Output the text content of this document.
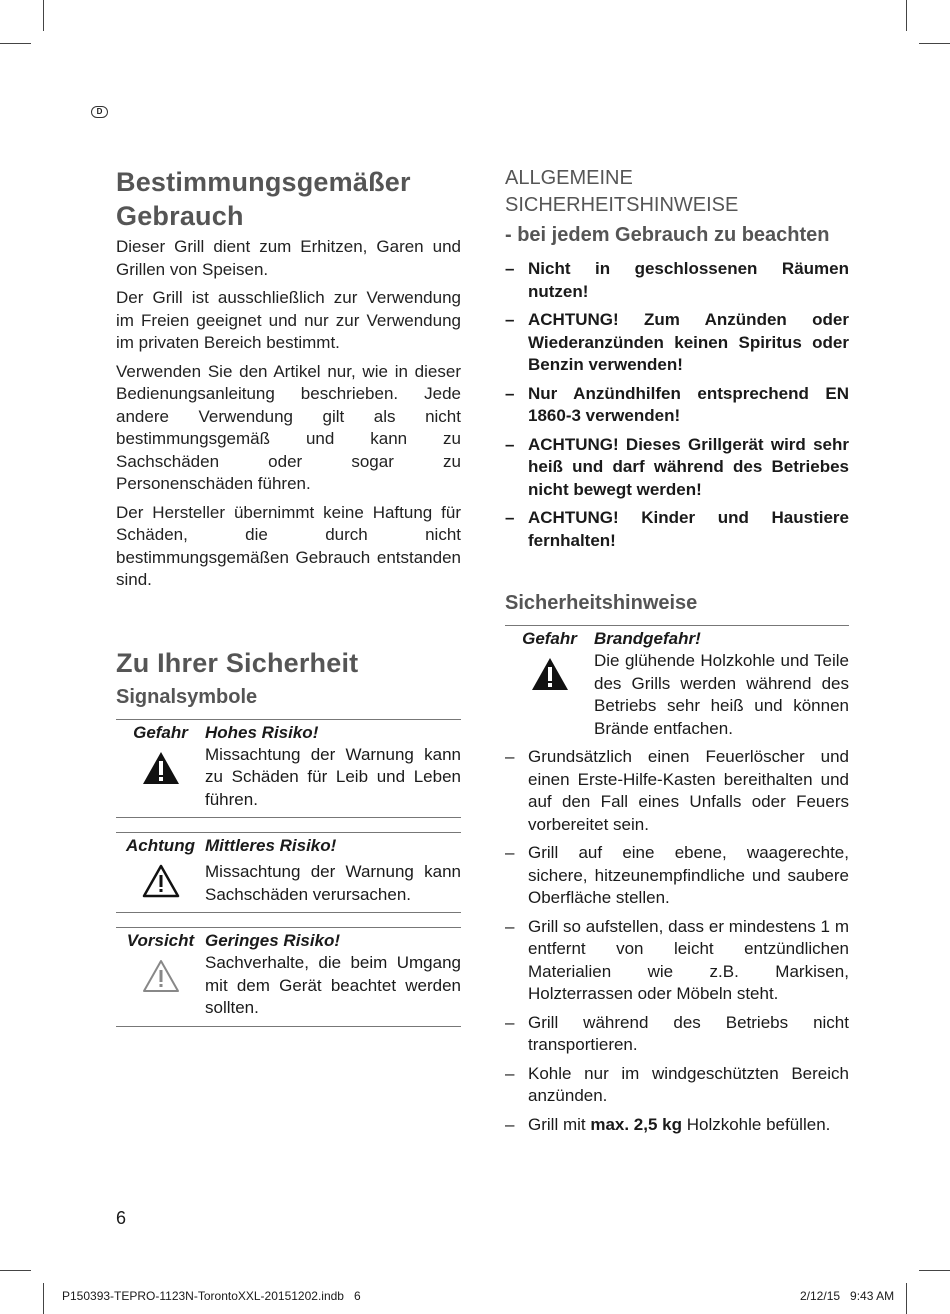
D
Bestimmungsgemäßer
Gebrauch

Dieser Grill dient zum Erhitzen, Garen und Grillen von Speisen.

Der Grill ist ausschließlich zur Verwendung im Freien geeignet und nur zur Verwendung im privaten Bereich bestimmt.

Verwenden Sie den Artikel nur, wie in dieser Bedienungsanleitung beschrieben. Jede andere Verwendung gilt als nicht bestimmungsgemäß und kann zu Sachschäden oder sogar zu Personenschäden führen.

Der Hersteller übernimmt keine Haftung für Schäden, die durch nicht bestimmungsgemäßen Gebrauch entstanden sind.

Zu Ihrer Sicherheit
Signalsymbole
Gefahr Hohes Risiko!
Missachtung der Warnung kann zu Schäden für Leib und Leben führen.
Achtung Mittleres Risiko!
Missachtung der Warnung kann Sachschäden verursachen.
Vorsicht Geringes Risiko!
Sachverhalte, die beim Umgang mit dem Gerät beachtet werden sollten.
ALLGEMEINE
SICHERHEITSHINWEISE
- bei jedem Gebrauch zu beachten
– Nicht in geschlossenen Räumen nutzen!
– ACHTUNG! Zum Anzünden oder Wiederanzünden keinen Spiritus oder Benzin verwenden!
– Nur Anzündhilfen entsprechend EN 1860-3 verwenden!
– ACHTUNG! Dieses Grillgerät wird sehr heiß und darf während des Betriebes nicht bewegt werden!
– ACHTUNG! Kinder und Haustiere fernhalten!
Sicherheitshinweise
Gefahr Brandgefahr!
Die glühende Holzkohle und Teile des Grills werden während des Betriebs sehr heiß und können Brände entfachen.
– Grundsätzlich einen Feuerlöscher und einen Erste-Hilfe-Kasten bereithalten und auf den Fall eines Unfalls oder Feuers vorbereitet sein.
– Grill auf eine ebene, waagerechte, sichere, hitzeunempfindliche und saubere Oberfläche stellen.
– Grill so aufstellen, dass er mindestens 1 m entfernt von leicht entzündlichen Materialien wie z.B. Markisen, Holzterrassen oder Möbeln steht.
– Grill während des Betriebs nicht transportieren.
– Kohle nur im windgeschützten Bereich anzünden.
– Grill mit max. 2,5 kg Holzkohle befüllen.
6
P150393-TEPRO-1123N-TorontoXXL-20151202.indb   6	2/12/15   9:43 AM
